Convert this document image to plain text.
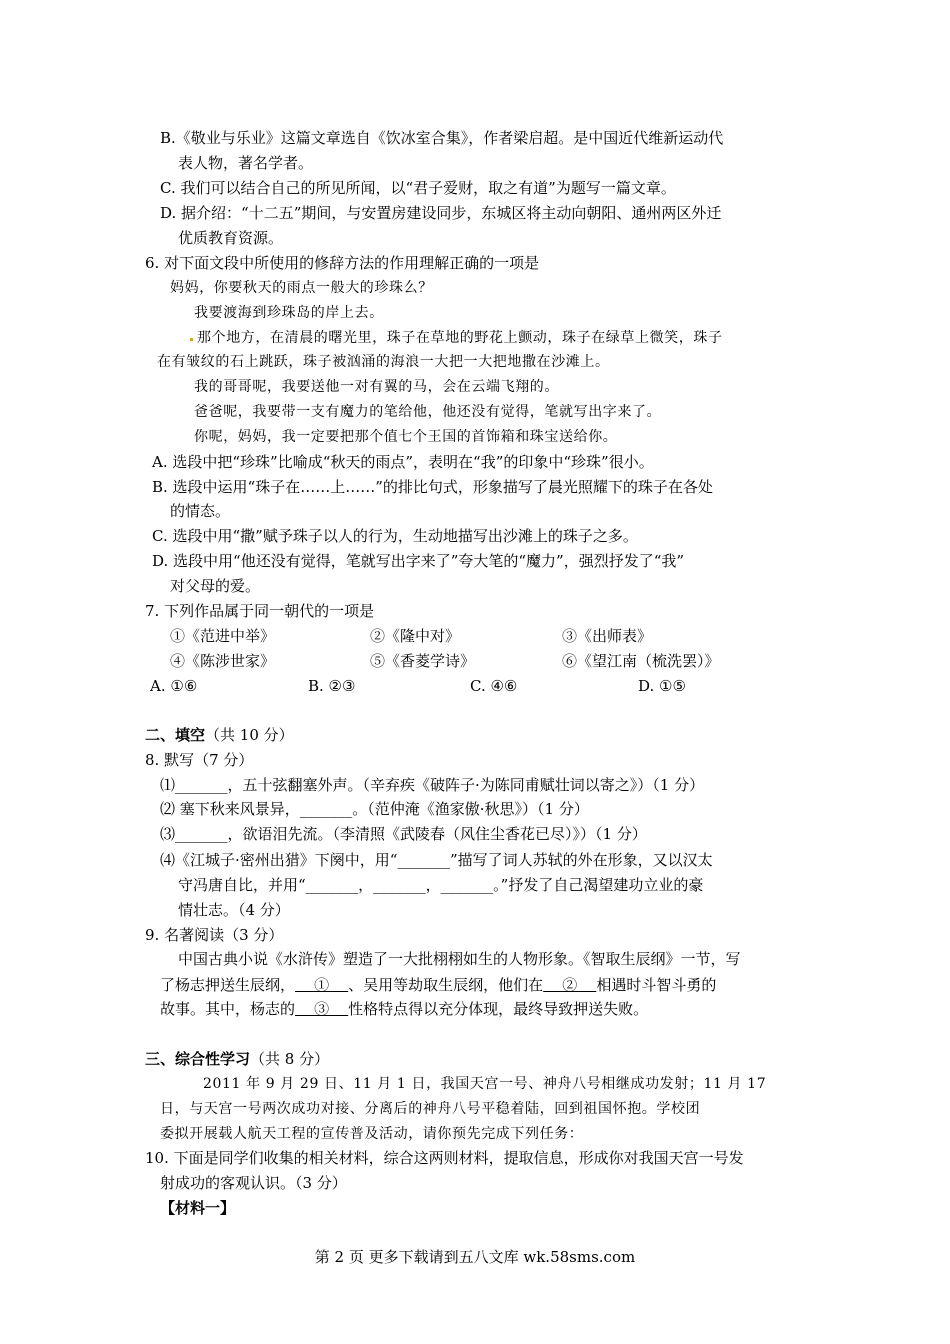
B.《敬业与乐业》这篇文章选自《饮冰室合集》，作者梁启超。是中国近代维新运动代
表人物，著名学者。
C. 我们可以结合自己的所见所闻，以“君子爱财，取之有道”为题写一篇文章。
D. 据介绍：“十二五”期间，与安置房建设同步，东城区将主动向朝阳、通州两区外迁
优质教育资源。
6. 对下面文段中所使用的修辞方法的作用理解正确的一项是
妈妈，你要秋天的雨点一般大的珍珠么？
我要渡海到珍珠岛的岸上去。
那个地方，在清晨的曙光里，珠子在草地的野花上颤动，珠子在绿草上微笑，珠子
在有皱纹的石上跳跃，珠子被汹涌的海浪一大把一大把地撒在沙滩上。
我的哥哥呢，我要送他一对有翼的马，会在云端飞翔的。
爸爸呢，我要带一支有魔力的笔给他，他还没有觉得，笔就写出字来了。
你呢，妈妈，我一定要把那个值七个王国的首饰箱和珠宝送给你。
A. 选段中把“珍珠”比喻成“秋天的雨点”，表明在“我”的印象中“珍珠”很小。
B. 选段中运用“珠子在……上……”的排比句式，形象描写了晨光照耀下的珠子在各处
的情态。
C. 选段中用“撒”赋予珠子以人的行为，生动地描写出沙滩上的珠子之多。
D. 选段中用“他还没有觉得，笔就写出字来了”夸大笔的“魔力”，强烈抒发了“我”
对父母的爱。
7. 下列作品属于同一朝代的一项是
①《范进中举》	②《隆中对》	③《出师表》
④《陈涉世家》	⑤《香菱学诗》	⑥《望江南（梳洗罢）》
A. ①⑥	B. ②③	C. ④⑥	D. ①⑤
二、填空（共 10 分）
8. 默写（7 分）
⑴_______，五十弦翻塞外声。（辛弃疾《破阵子·为陈同甫赋壮词以寄之》）（1 分）
⑵ 塞下秋来风景异，_______。（范仲淹《渔家傲·秋思》）（1 分）
⑶_______，欲语泪先流。（李清照《武陵春（风住尘香花已尽）》）（1 分）
⑷《江城子·密州出猎》下阕中，用“_______”描写了词人苏轼的外在形象，又以汉太
守冯唐自比，并用“_______，_______，_______。”抒发了自己渴望建功立业的豪
情壮志。（4 分）
9. 名著阅读（3 分）
中国古典小说《水浒传》塑造了一大批栩栩如生的人物形象。《智取生辰纲》一节，写
了杨志押送生辰纲，    ①    、吴用等劫取生辰纲，他们在    ②    相遇时斗智斗勇的
故事。其中，杨志的    ③    性格特点得以充分体现，最终导致押送失败。
三、综合性学习（共 8 分）
2011 年 9 月 29 日、11 月 1 日，我国天宫一号、神舟八号相继成功发射；11 月 17
日，与天宫一号两次成功对接、分离后的神舟八号平稳着陆，回到祖国怀抱。学校团
委拟开展载人航天工程的宣传普及活动，请你预先完成下列任务：
10. 下面是同学们收集的相关材料，综合这两则材料，提取信息，形成你对我国天宫一号发
射成功的客观认识。（3 分）
【材料一】
第 2 页 更多下载请到五八文库 wk.58sms.com
